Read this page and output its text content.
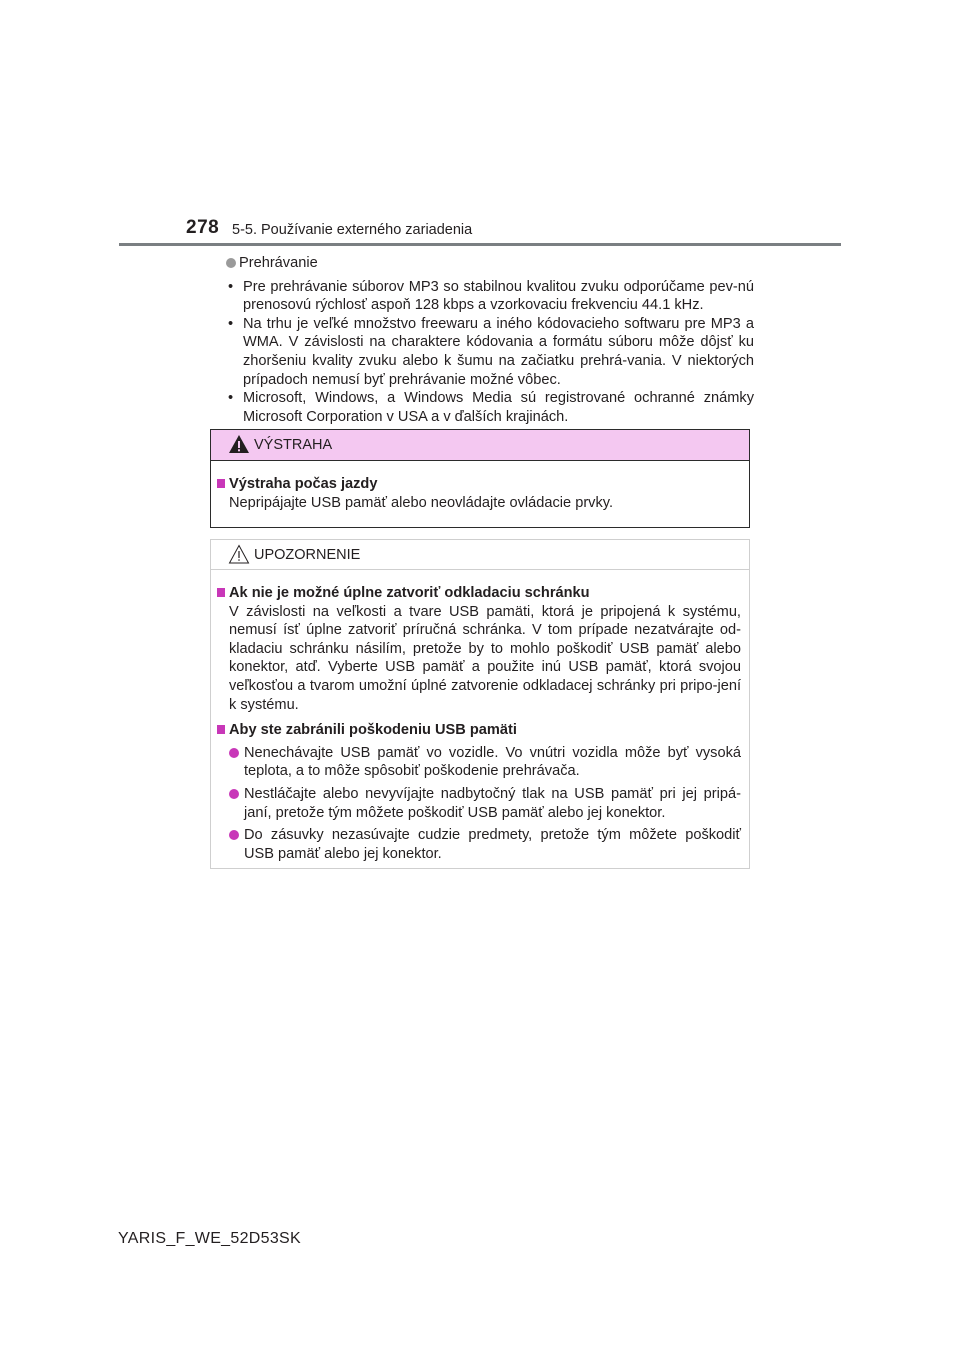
278 5-5. Používanie externého zariadenia
Prehrávanie
• Pre prehrávanie súborov MP3 so stabilnou kvalitou zvuku odporúčame pev-nú prenosovú rýchlosť aspoň 128 kbps a vzorkovaciu frekvenciu 44.1 kHz.
• Na trhu je veľké množstvo freewaru a iného kódovacieho softwaru pre MP3 a WMA. V závislosti na charaktere kódovania a formátu súboru môže dôjsť ku zhoršeniu kvality zvuku alebo k šumu na začiatku prehrá-vania. V niektorých prípadoch nemusí byť prehrávanie možné vôbec.
• Microsoft, Windows, a Windows Media sú registrované ochranné známky Microsoft Corporation v USA a v ďalších krajinách.
VÝSTRAHA
Výstraha počas jazdy
Nepripájajte USB pamäť alebo neovládajte ovládacie prvky.
UPOZORNENIE
Ak nie je možné úplne zatvoriť odkladaciu schránku
V závislosti na veľkosti a tvare USB pamäti, ktorá je pripojená k systému, nemusí ísť úplne zatvoriť príručná schránka. V tom prípade nezatvárajte od-kladaciu schránku násilím, pretože by to mohlo poškodiť USB pamäť alebo konektor, atď. Vyberte USB pamäť a použite inú USB pamäť, ktorá svojou veľkosťou a tvarom umožní úplné zatvorenie odkladacej schránky pri pripo-jení k systému.
Aby ste zabránili poškodeniu USB pamäti
Nenechávajte USB pamäť vo vozidle. Vo vnútri vozidla môže byť vysoká teplota, a to môže spôsobiť poškodenie prehrávača.
Nestláčajte alebo nevyvíjajte nadbytočný tlak na USB pamäť pri jej pripá-janí, pretože tým môžete poškodiť USB pamäť alebo jej konektor.
Do zásuvky nezasúvajte cudzie predmety, pretože tým môžete poškodiť USB pamäť alebo jej konektor.
YARIS_F_WE_52D53SK
